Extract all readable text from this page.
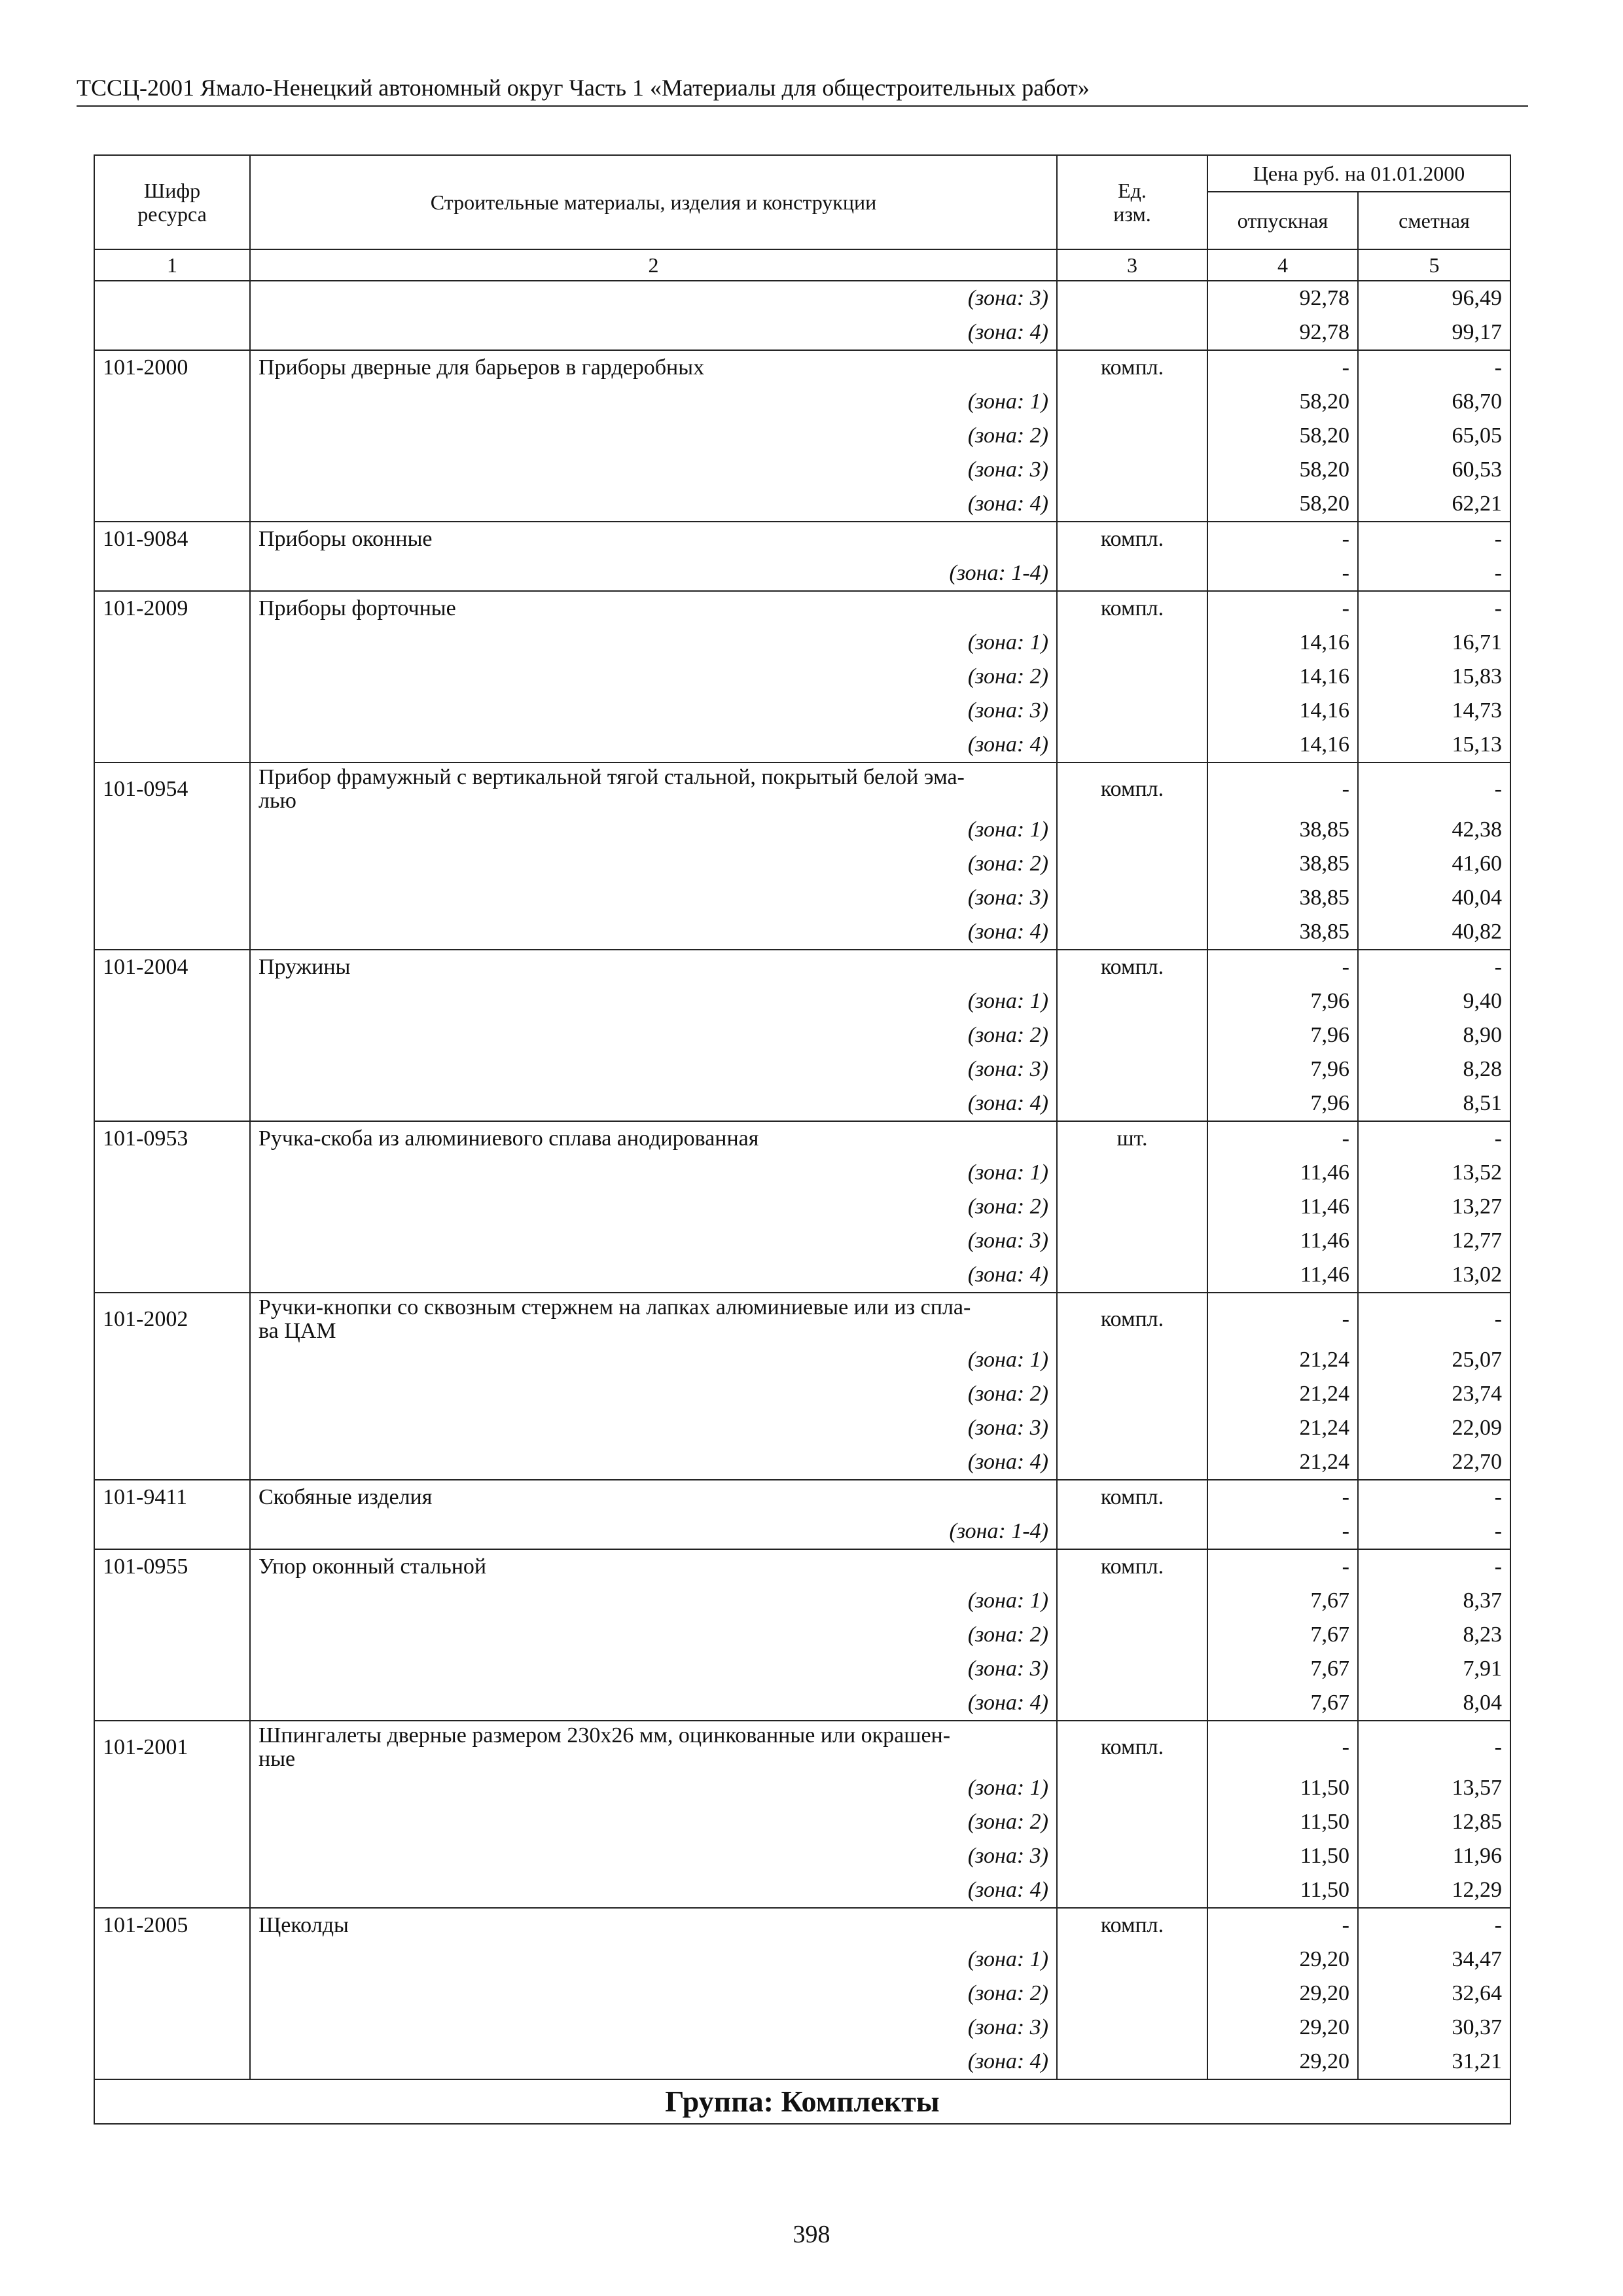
ТССЦ-2001 Ямало-Ненецкий автономный округ Часть 1 «Материалы для общестроительных работ»
Шифр ресурса	Строительные материалы, изделия и конструкции	Ед. изм.	Цена руб. на 01.01.2000	
			отпускная	сметная
1	2	3	4	5
	(зона: 3)		92,78	96,49
	(зона: 4)		92,78	99,17
101-2000	Приборы дверные для барьеров в гардеробных	компл.	-	-
	(зона: 1)		58,20	68,70
	(зона: 2)		58,20	65,05
	(зона: 3)		58,20	60,53
	(зона: 4)		58,20	62,21
101-9084	Приборы оконные	компл.	-	-
	(зона: 1-4)		-	-
101-2009	Приборы форточные	компл.	-	-
	(зона: 1)		14,16	16,71
	(зона: 2)		14,16	15,83
	(зона: 3)		14,16	14,73
	(зона: 4)		14,16	15,13
101-0954	Прибор фрамужный с вертикальной тягой стальной, покрытый белой эма-
лью	компл.	-	-
	(зона: 1)		38,85	42,38
	(зона: 2)		38,85	41,60
	(зона: 3)		38,85	40,04
	(зона: 4)		38,85	40,82
101-2004	Пружины	компл.	-	-
	(зона: 1)		7,96	9,40
	(зона: 2)		7,96	8,90
	(зона: 3)		7,96	8,28
	(зона: 4)		7,96	8,51
101-0953	Ручка-скоба из алюминиевого сплава анодированная	шт.	-	-
	(зона: 1)		11,46	13,52
	(зона: 2)		11,46	13,27
	(зона: 3)		11,46	12,77
	(зона: 4)		11,46	13,02
101-2002	Ручки-кнопки со сквозным стержнем на лапках алюминиевые или из спла-
ва ЦАМ	компл.	-	-
	(зона: 1)		21,24	25,07
	(зона: 2)		21,24	23,74
	(зона: 3)		21,24	22,09
	(зона: 4)		21,24	22,70
101-9411	Скобяные изделия	компл.	-	-
	(зона: 1-4)		-	-
101-0955	Упор оконный стальной	компл.	-	-
	(зона: 1)		7,67	8,37
	(зона: 2)		7,67	8,23
	(зона: 3)		7,67	7,91
	(зона: 4)		7,67	8,04
101-2001	Шпингалеты дверные размером 230х26 мм, оцинкованные или окрашен-
ные	компл.	-	-
	(зона: 1)		11,50	13,57
	(зона: 2)		11,50	12,85
	(зона: 3)		11,50	11,96
	(зона: 4)		11,50	12,29
101-2005	Щеколды	компл.	-	-
	(зона: 1)		29,20	34,47
	(зона: 2)		29,20	32,64
	(зона: 3)		29,20	30,37
	(зона: 4)		29,20	31,21
Группа: Комплекты				
398
